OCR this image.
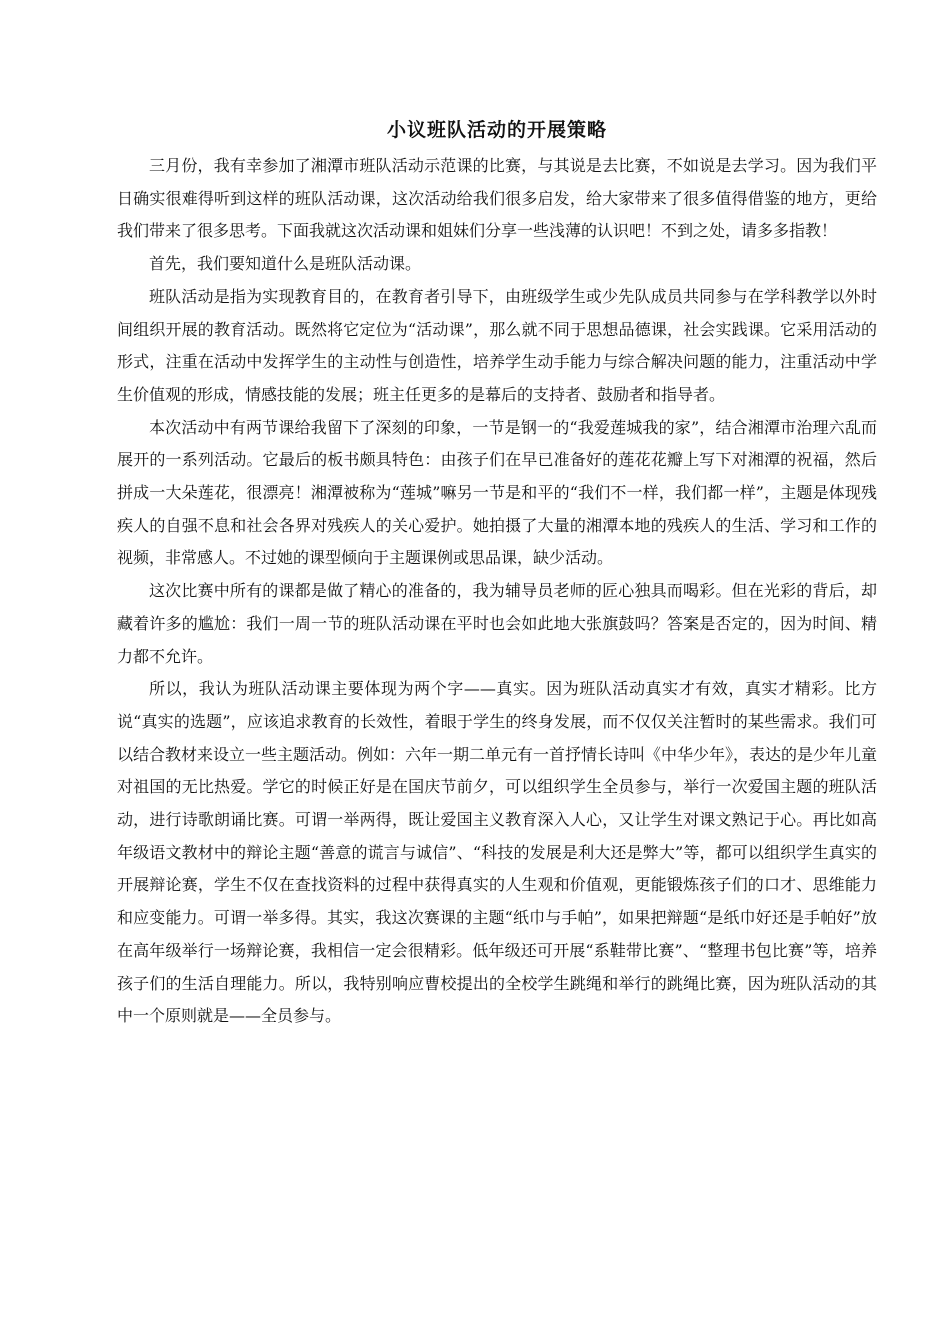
小议班队活动的开展策略

三月份，我有幸参加了湘潭市班队活动示范课的比赛，与其说是去比赛，不如说是去学习。因为我们平日确实很难得听到这样的班队活动课，这次活动给我们很多启发，给大家带来了很多值得借鉴的地方，更给我们带来了很多思考。下面我就这次活动课和姐妹们分享一些浅薄的认识吧！不到之处，请多多指教！

首先，我们要知道什么是班队活动课。

班队活动是指为实现教育目的，在教育者引导下，由班级学生或少先队成员共同参与在学科教学以外时间组织开展的教育活动。既然将它定位为“活动课”，那么就不同于思想品德课，社会实践课。它采用活动的形式，注重在活动中发挥学生的主动性与创造性，培养学生动手能力与综合解决问题的能力，注重活动中学生价值观的形成，情感技能的发展；班主任更多的是幕后的支持者、鼓励者和指导者。

本次活动中有两节课给我留下了深刻的印象，一节是钢一的“我爱莲城我的家”，结合湘潭市治理六乱而展开的一系列活动。它最后的板书颇具特色：由孩子们在早已准备好的莲花花瓣上写下对湘潭的祝福，然后拼成一大朵莲花，很漂亮！湘潭被称为“莲城”嘛另一节是和平的“我们不一样，我们都一样”，主题是体现残疾人的自强不息和社会各界对残疾人的关心爱护。她拍摄了大量的湘潭本地的残疾人的生活、学习和工作的视频，非常感人。不过她的课型倾向于主题课例或思品课，缺少活动。

这次比赛中所有的课都是做了精心的准备的，我为辅导员老师的匠心独具而喝彩。但在光彩的背后，却藏着许多的尴尬：我们一周一节的班队活动课在平时也会如此地大张旗鼓吗？答案是否定的，因为时间、精力都不允许。

所以，我认为班队活动课主要体现为两个字——真实。因为班队活动真实才有效，真实才精彩。比方说“真实的选题”，应该追求教育的长效性，着眼于学生的终身发展，而不仅仅关注暂时的某些需求。我们可以结合教材来设立一些主题活动。例如：六年一期二单元有一首抒情长诗叫《中华少年》，表达的是少年儿童对祖国的无比热爱。学它的时候正好是在国庆节前夕，可以组织学生全员参与，举行一次爱国主题的班队活动，进行诗歌朗诵比赛。可谓一举两得，既让爱国主义教育深入人心，又让学生对课文熟记于心。再比如高年级语文教材中的辩论主题“善意的谎言与诚信”、“科技的发展是利大还是弊大”等，都可以组织学生真实的开展辩论赛，学生不仅在查找资料的过程中获得真实的人生观和价值观，更能锻炼孩子们的口才、思维能力和应变能力。可谓一举多得。其实，我这次赛课的主题“纸巾与手帕”，如果把辩题“是纸巾好还是手帕好”放在高年级举行一场辩论赛，我相信一定会很精彩。低年级还可开展“系鞋带比赛”、“整理书包比赛”等，培养孩子们的生活自理能力。所以，我特别响应曹校提出的全校学生跳绳和举行的跳绳比赛，因为班队活动的其中一个原则就是——全员参与。
